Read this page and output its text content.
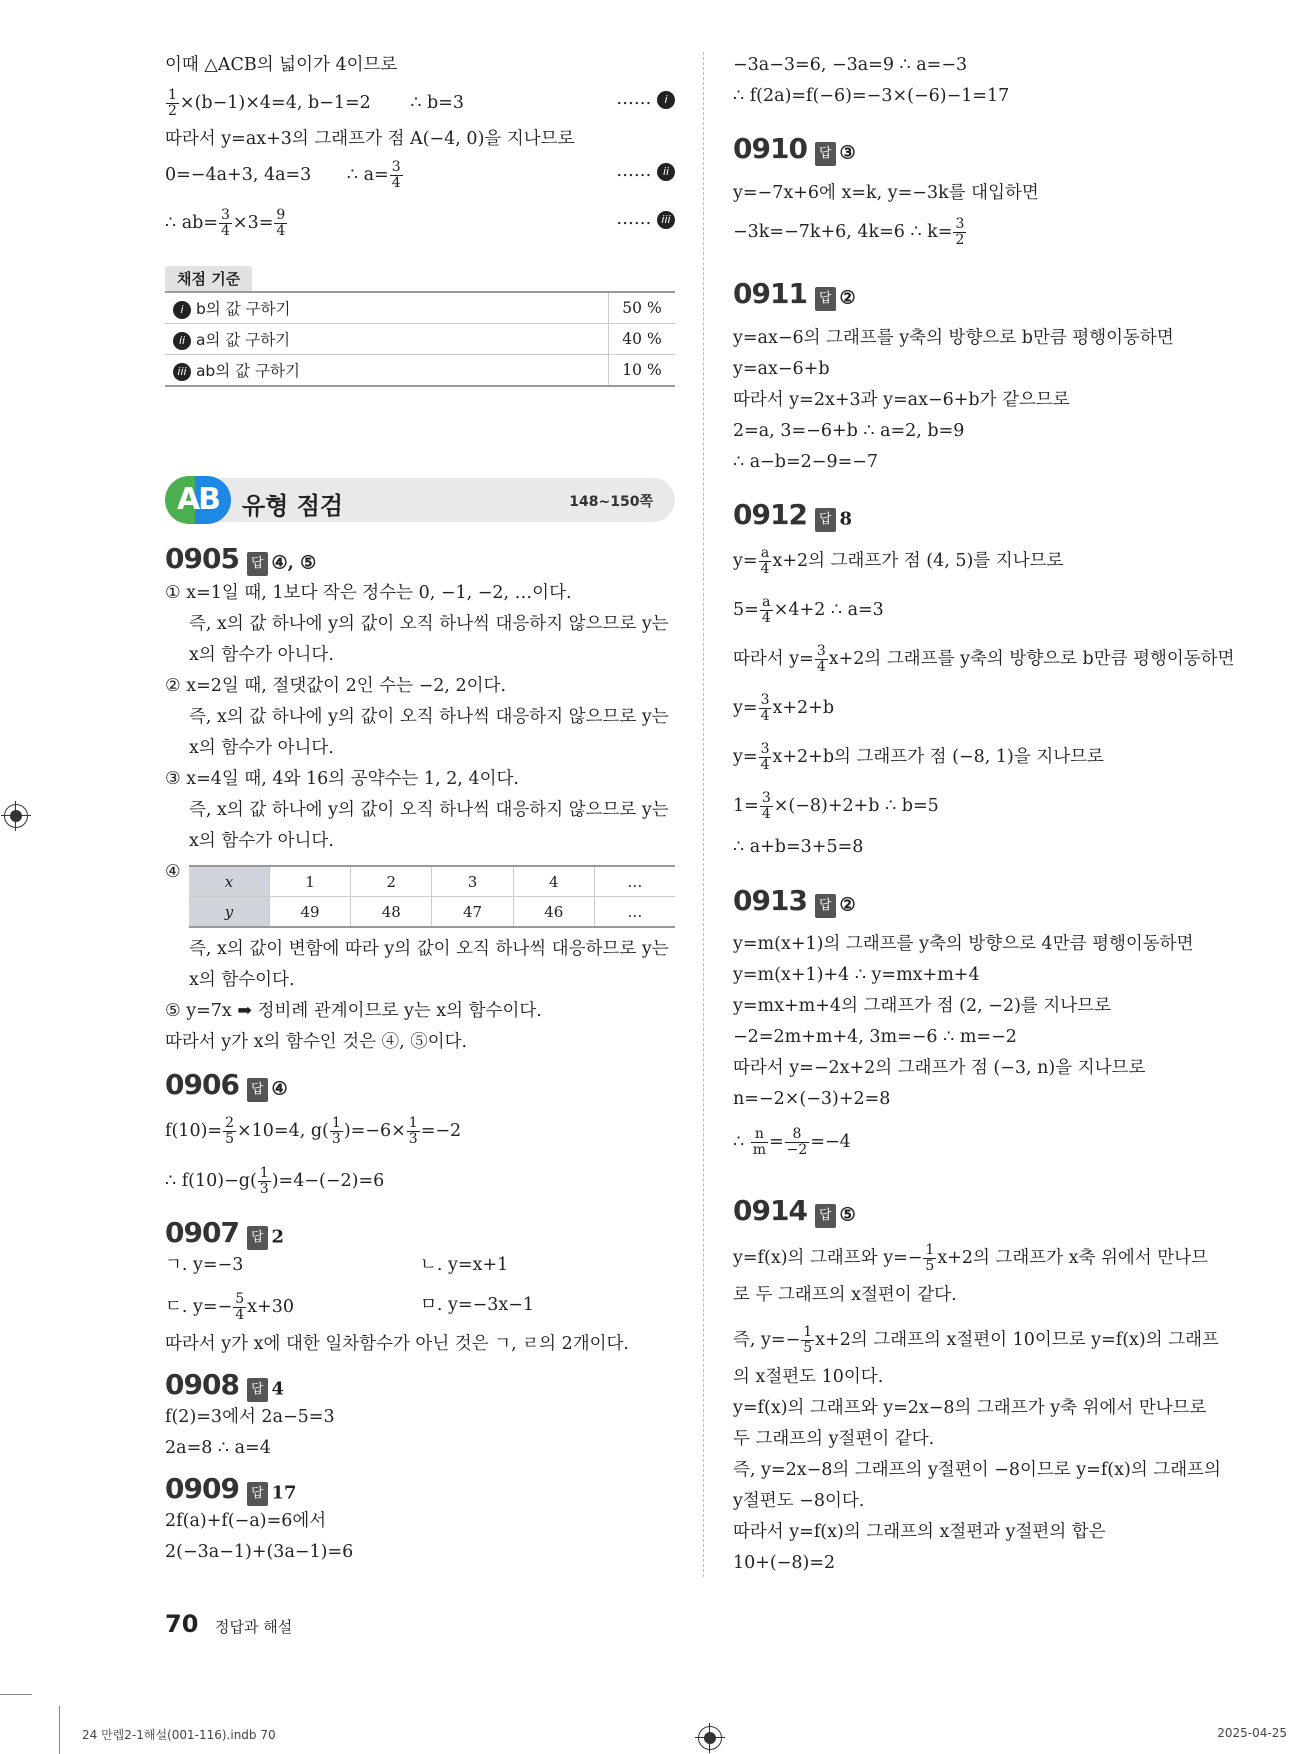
이때 △ACB의 넓이가 4이므로
$\frac{1}{2} \times(b-1)\times 4=4$, b−1=2 ∴ b=3	…… i
따라서 y=ax+3의 그래프가 점 A(−4, 0)을 지나므로
0=−4a+3, 4a=3 ∴ $a= \frac{3}{4}$	…… ii
∴ $ab= \frac{3}{4} \times 3= \frac{9}{4}$	…… iii
채점 기준
i b의 값 구하기	50 %
ii a의 값 구하기	40 %
iii ab의 값 구하기	10 %
AB 유형 점검	148~150쪽
0905 답 ④, ⑤
① x=1일 때, 1보다 작은 정수는 0, −1, −2, …이다.
즉, x의 값 하나에 y의 값이 오직 하나씩 대응하지 않으므로 y는
x의 함수가 아니다.
② x=2일 때, 절댓값이 2인 수는 −2, 2이다.
즉, x의 값 하나에 y의 값이 오직 하나씩 대응하지 않으므로 y는
x의 함수가 아니다.
③ x=4일 때, 4와 16의 공약수는 1, 2, 4이다.
즉, x의 값 하나에 y의 값이 오직 하나씩 대응하지 않으므로 y는
x의 함수가 아니다.
④	x	1	2	3	4	…
y	49	48	47	46	…
즉, x의 값이 변함에 따라 y의 값이 오직 하나씩 대응하므로 y는
x의 함수이다.
⑤ y=7x ➡ 정비례 관계이므로 y는 x의 함수이다.
따라서 y가 x의 함수인 것은 ④, ⑤이다.
0906 답 ④
$f(10)= \frac{2}{5} \times 10=4$, $g( \frac{1}{3} )=-6\times \frac{1}{3} =-2$
∴ $f(10)-g( \frac{1}{3} )=4-(-2)=6$
0907 답 2
ㄱ. y=−3	ㄴ. y=x+1
ㄷ. $y=- \frac{5}{4} x+30$	ㅁ. y=−3x−1
따라서 y가 x에 대한 일차함수가 아닌 것은 ㄱ, ㄹ의 2개이다.
0908 답 4
f(2)=3에서 2a−5=3
2a=8 ∴ a=4
0909 답 17
2f(a)+f(−a)=6에서
2(−3a−1)+(3a−1)=6
−3a−3=6, −3a=9 ∴ a=−3
∴ f(2a)=f(−6)=−3×(−6)−1=17
0910 답 ③
y=−7x+6에 x=k, y=−3k를 대입하면
−3k=−7k+6, 4k=6 ∴ $k= \frac{3}{2}$
0911 답 ②
y=ax−6의 그래프를 y축의 방향으로 b만큼 평행이동하면
y=ax−6+b
따라서 y=2x+3과 y=ax−6+b가 같으므로
2=a, 3=−6+b ∴ a=2, b=9
∴ a−b=2−9=−7
0912 답 8
$y= \frac{a}{4} x+2$의 그래프가 점 (4, 5)를 지나므로
$5= \frac{a}{4} \times 4+2$ ∴ a=3
따라서 $y= \frac{3}{4} x+2$의 그래프를 y축의 방향으로 b만큼 평행이동하면
$y= \frac{3}{4} x+2+b$
$y= \frac{3}{4} x+2+b$의 그래프가 점 (−8, 1)을 지나므로
$1= \frac{3}{4} \times(-8)+2+b$ ∴ b=5
∴ a+b=3+5=8
0913 답 ②
y=m(x+1)의 그래프를 y축의 방향으로 4만큼 평행이동하면
y=m(x+1)+4 ∴ y=mx+m+4
y=mx+m+4의 그래프가 점 (2, −2)를 지나므로
−2=2m+m+4, 3m=−6 ∴ m=−2
따라서 y=−2x+2의 그래프가 점 (−3, n)을 지나므로
n=−2×(−3)+2=8
∴ $\frac{n}{m} = \frac{8}{-2} =-4$
0914 답 ⑤
y=f(x)의 그래프와 $y=- \frac{1}{5} x+2$의 그래프가 x축 위에서 만나므
로 두 그래프의 x절편이 같다.
즉, $y=- \frac{1}{5} x+2$의 그래프의 x절편이 10이므로 y=f(x)의 그래프
의 x절편도 10이다.
y=f(x)의 그래프와 y=2x−8의 그래프가 y축 위에서 만나므로
두 그래프의 y절편이 같다.
즉, y=2x−8의 그래프의 y절편이 −8이므로 y=f(x)의 그래프의
y절편도 −8이다.
따라서 y=f(x)의 그래프의 x절편과 y절편의 합은
10+(−8)=2
70 정답과 해설
24 만렙2-1해설(001-116).indb 70	2025-04-25
